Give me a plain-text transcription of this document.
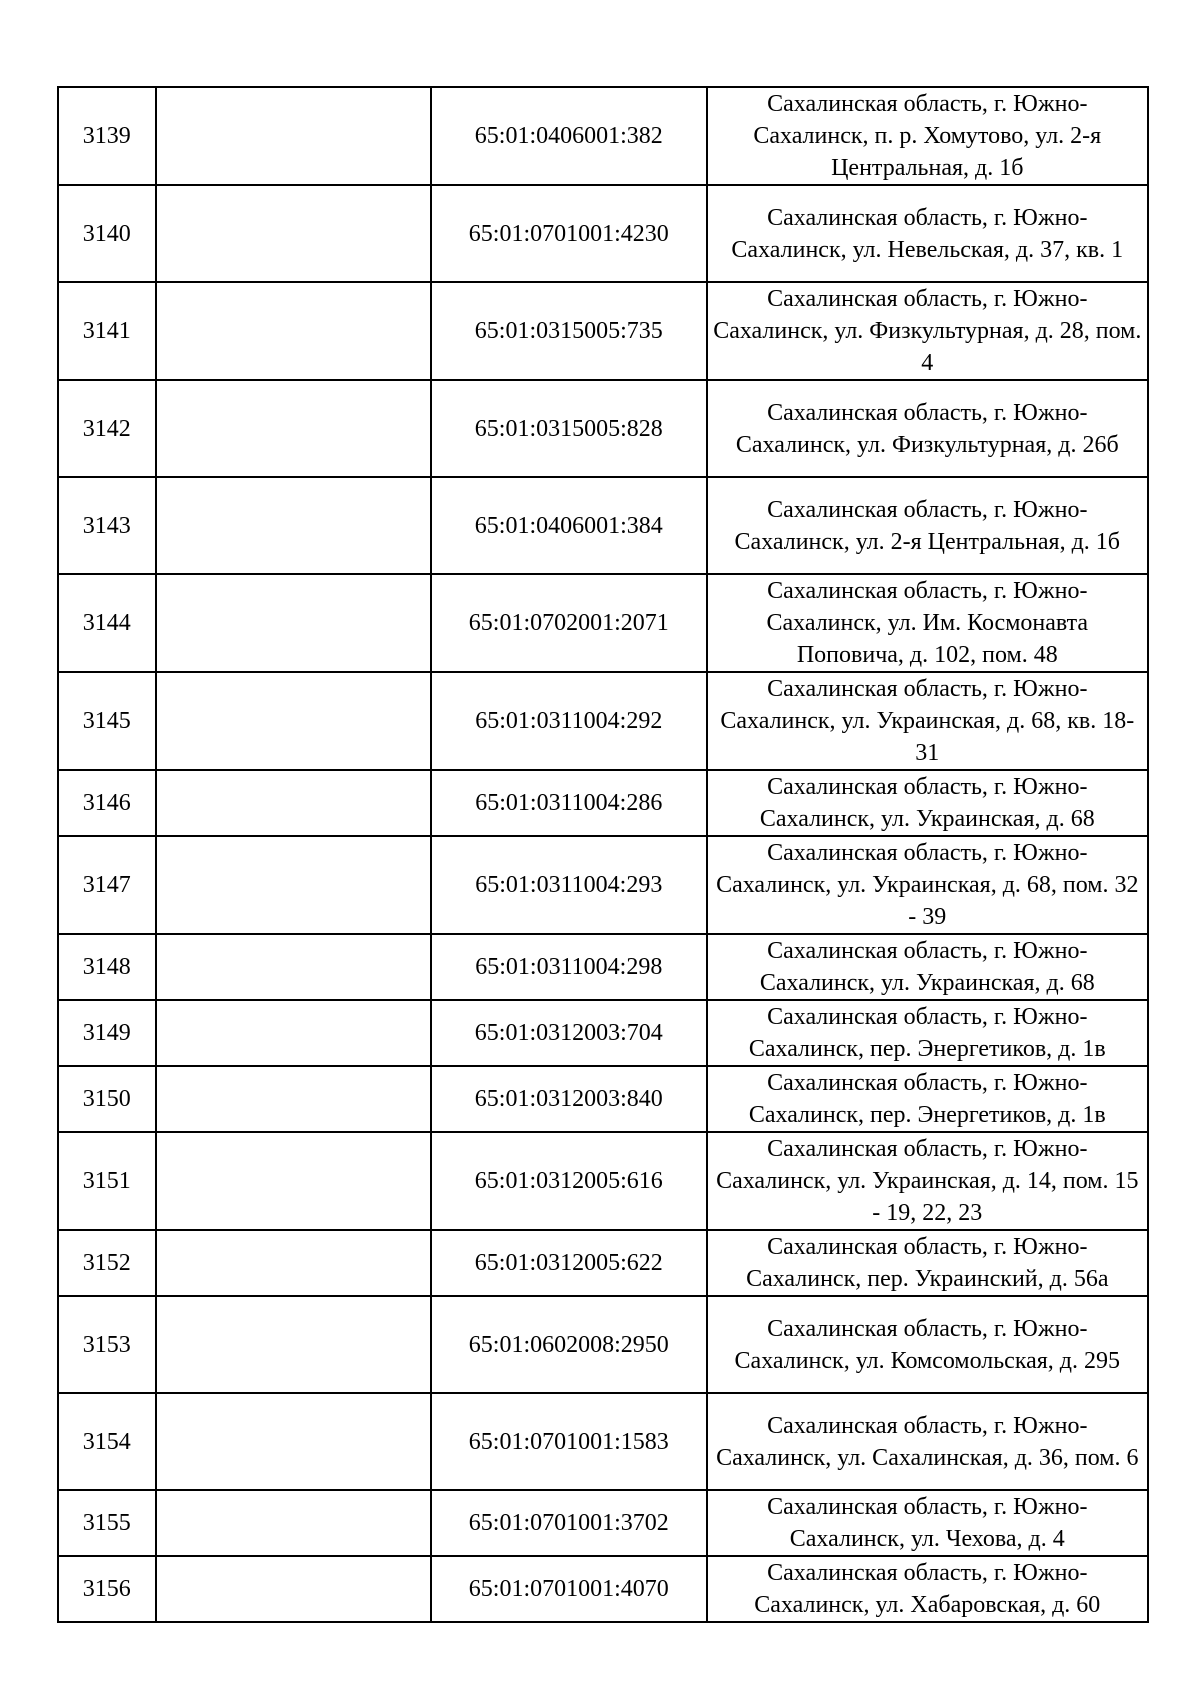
3139		65:01:0406001:382	Сахалинская область, г. Южно-Сахалинск, п. р. Хомутово, ул. 2-я Центральная, д. 1б
3140		65:01:0701001:4230	Сахалинская область, г. Южно-Сахалинск, ул. Невельская, д. 37, кв. 1
3141		65:01:0315005:735	Сахалинская область, г. Южно-Сахалинск, ул. Физкультурная, д. 28, пом. 4
3142		65:01:0315005:828	Сахалинская область, г. Южно-Сахалинск, ул. Физкультурная, д. 26б
3143		65:01:0406001:384	Сахалинская область, г. Южно-Сахалинск, ул. 2-я Центральная, д. 1б
3144		65:01:0702001:2071	Сахалинская область, г. Южно-Сахалинск, ул. Им. Космонавта Поповича, д. 102, пом. 48
3145		65:01:0311004:292	Сахалинская область, г. Южно-Сахалинск, ул. Украинская, д. 68, кв. 18-31
3146		65:01:0311004:286	Сахалинская область, г. Южно-Сахалинск, ул. Украинская, д. 68
3147		65:01:0311004:293	Сахалинская область, г. Южно-Сахалинск, ул. Украинская, д. 68, пом. 32 - 39
3148		65:01:0311004:298	Сахалинская область, г. Южно-Сахалинск, ул. Украинская, д. 68
3149		65:01:0312003:704	Сахалинская область, г. Южно-Сахалинск, пер. Энергетиков, д. 1в
3150		65:01:0312003:840	Сахалинская область, г. Южно-Сахалинск, пер. Энергетиков, д. 1в
3151		65:01:0312005:616	Сахалинская область, г. Южно-Сахалинск, ул. Украинская, д. 14, пом. 15 - 19, 22, 23
3152		65:01:0312005:622	Сахалинская область, г. Южно-Сахалинск, пер. Украинский, д. 56а
3153		65:01:0602008:2950	Сахалинская область, г. Южно-Сахалинск, ул. Комсомольская, д. 295
3154		65:01:0701001:1583	Сахалинская область, г. Южно-Сахалинск, ул. Сахалинская, д. 36, пом. 6
3155		65:01:0701001:3702	Сахалинская область, г. Южно-Сахалинск, ул. Чехова, д. 4
3156		65:01:0701001:4070	Сахалинская область, г. Южно-Сахалинск, ул. Хабаровская, д. 60
